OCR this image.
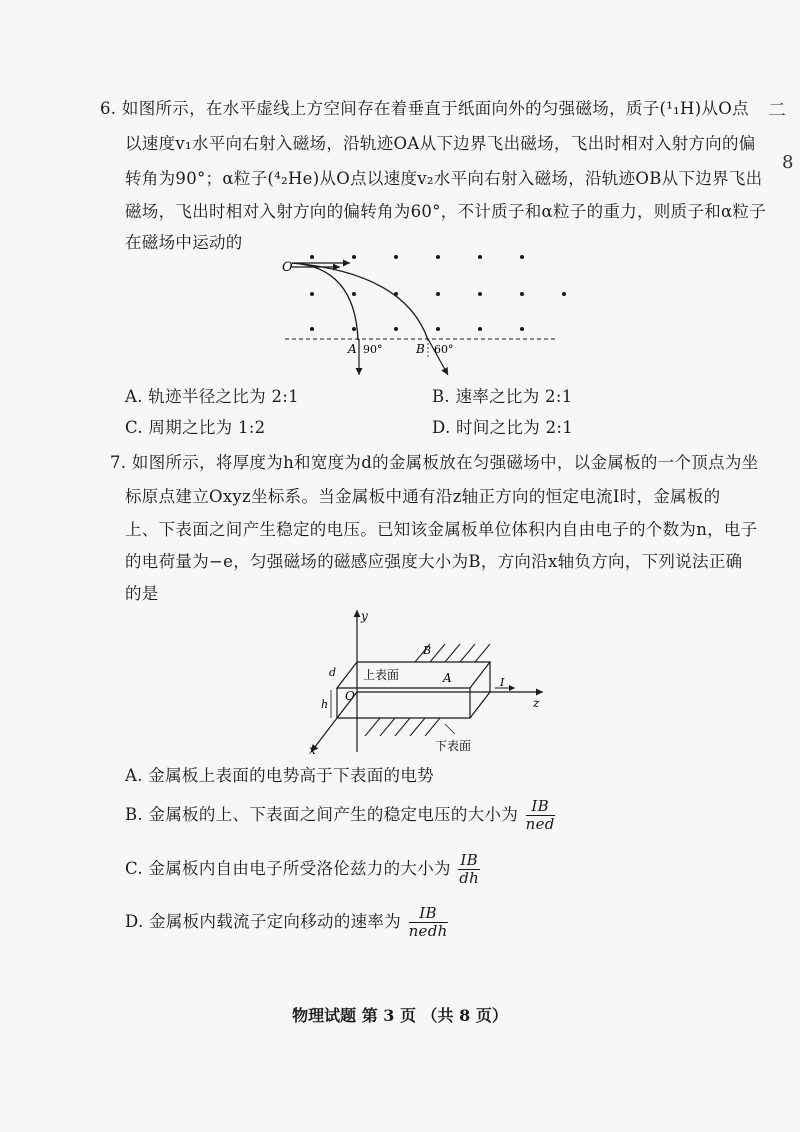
二
8
6. 如图所示，在水平虚线上方空间存在着垂直于纸面向外的匀强磁场，质子(¹₁H)从O点
以速度v₁水平向右射入磁场，沿轨迹OA从下边界飞出磁场，飞出时相对入射方向的偏
转角为90°；α粒子(⁴₂He)从O点以速度v₂水平向右射入磁场，沿轨迹OB从下边界飞出
磁场，飞出时相对入射方向的偏转角为60°，不计质子和α粒子的重力，则质子和α粒子
在磁场中运动的
O
A 90°	B 60°
A. 轨迹半径之比为 2:1	B. 速率之比为 2:1
C. 周期之比为 1:2	D. 时间之比为 2:1
7. 如图所示，将厚度为h和宽度为d的金属板放在匀强磁场中，以金属板的一个顶点为坐
标原点建立Oxyz坐标系。当金属板中通有沿z轴正方向的恒定电流I时，金属板的
上、下表面之间产生稳定的电压。已知该金属板单位体积内自由电子的个数为n，电子
的电荷量为−e，匀强磁场的磁感应强度大小为B，方向沿x轴负方向，下列说法正确
的是
y
z
x
O
B
上表面	A	I
下表面
d
h
A. 金属板上表面的电势高于下表面的电势
B. 金属板的上、下表面之间产生的稳定电压的大小为 $\frac{IB}{\text{ned}}$
C. 金属板内自由电子所受洛伦兹力的大小为 $\frac{IB}{dh}$
D. 金属板内载流子定向移动的速率为 $\frac{IB}{\text{nedh}}$
物理试题 第 3 页 （共 8 页）
